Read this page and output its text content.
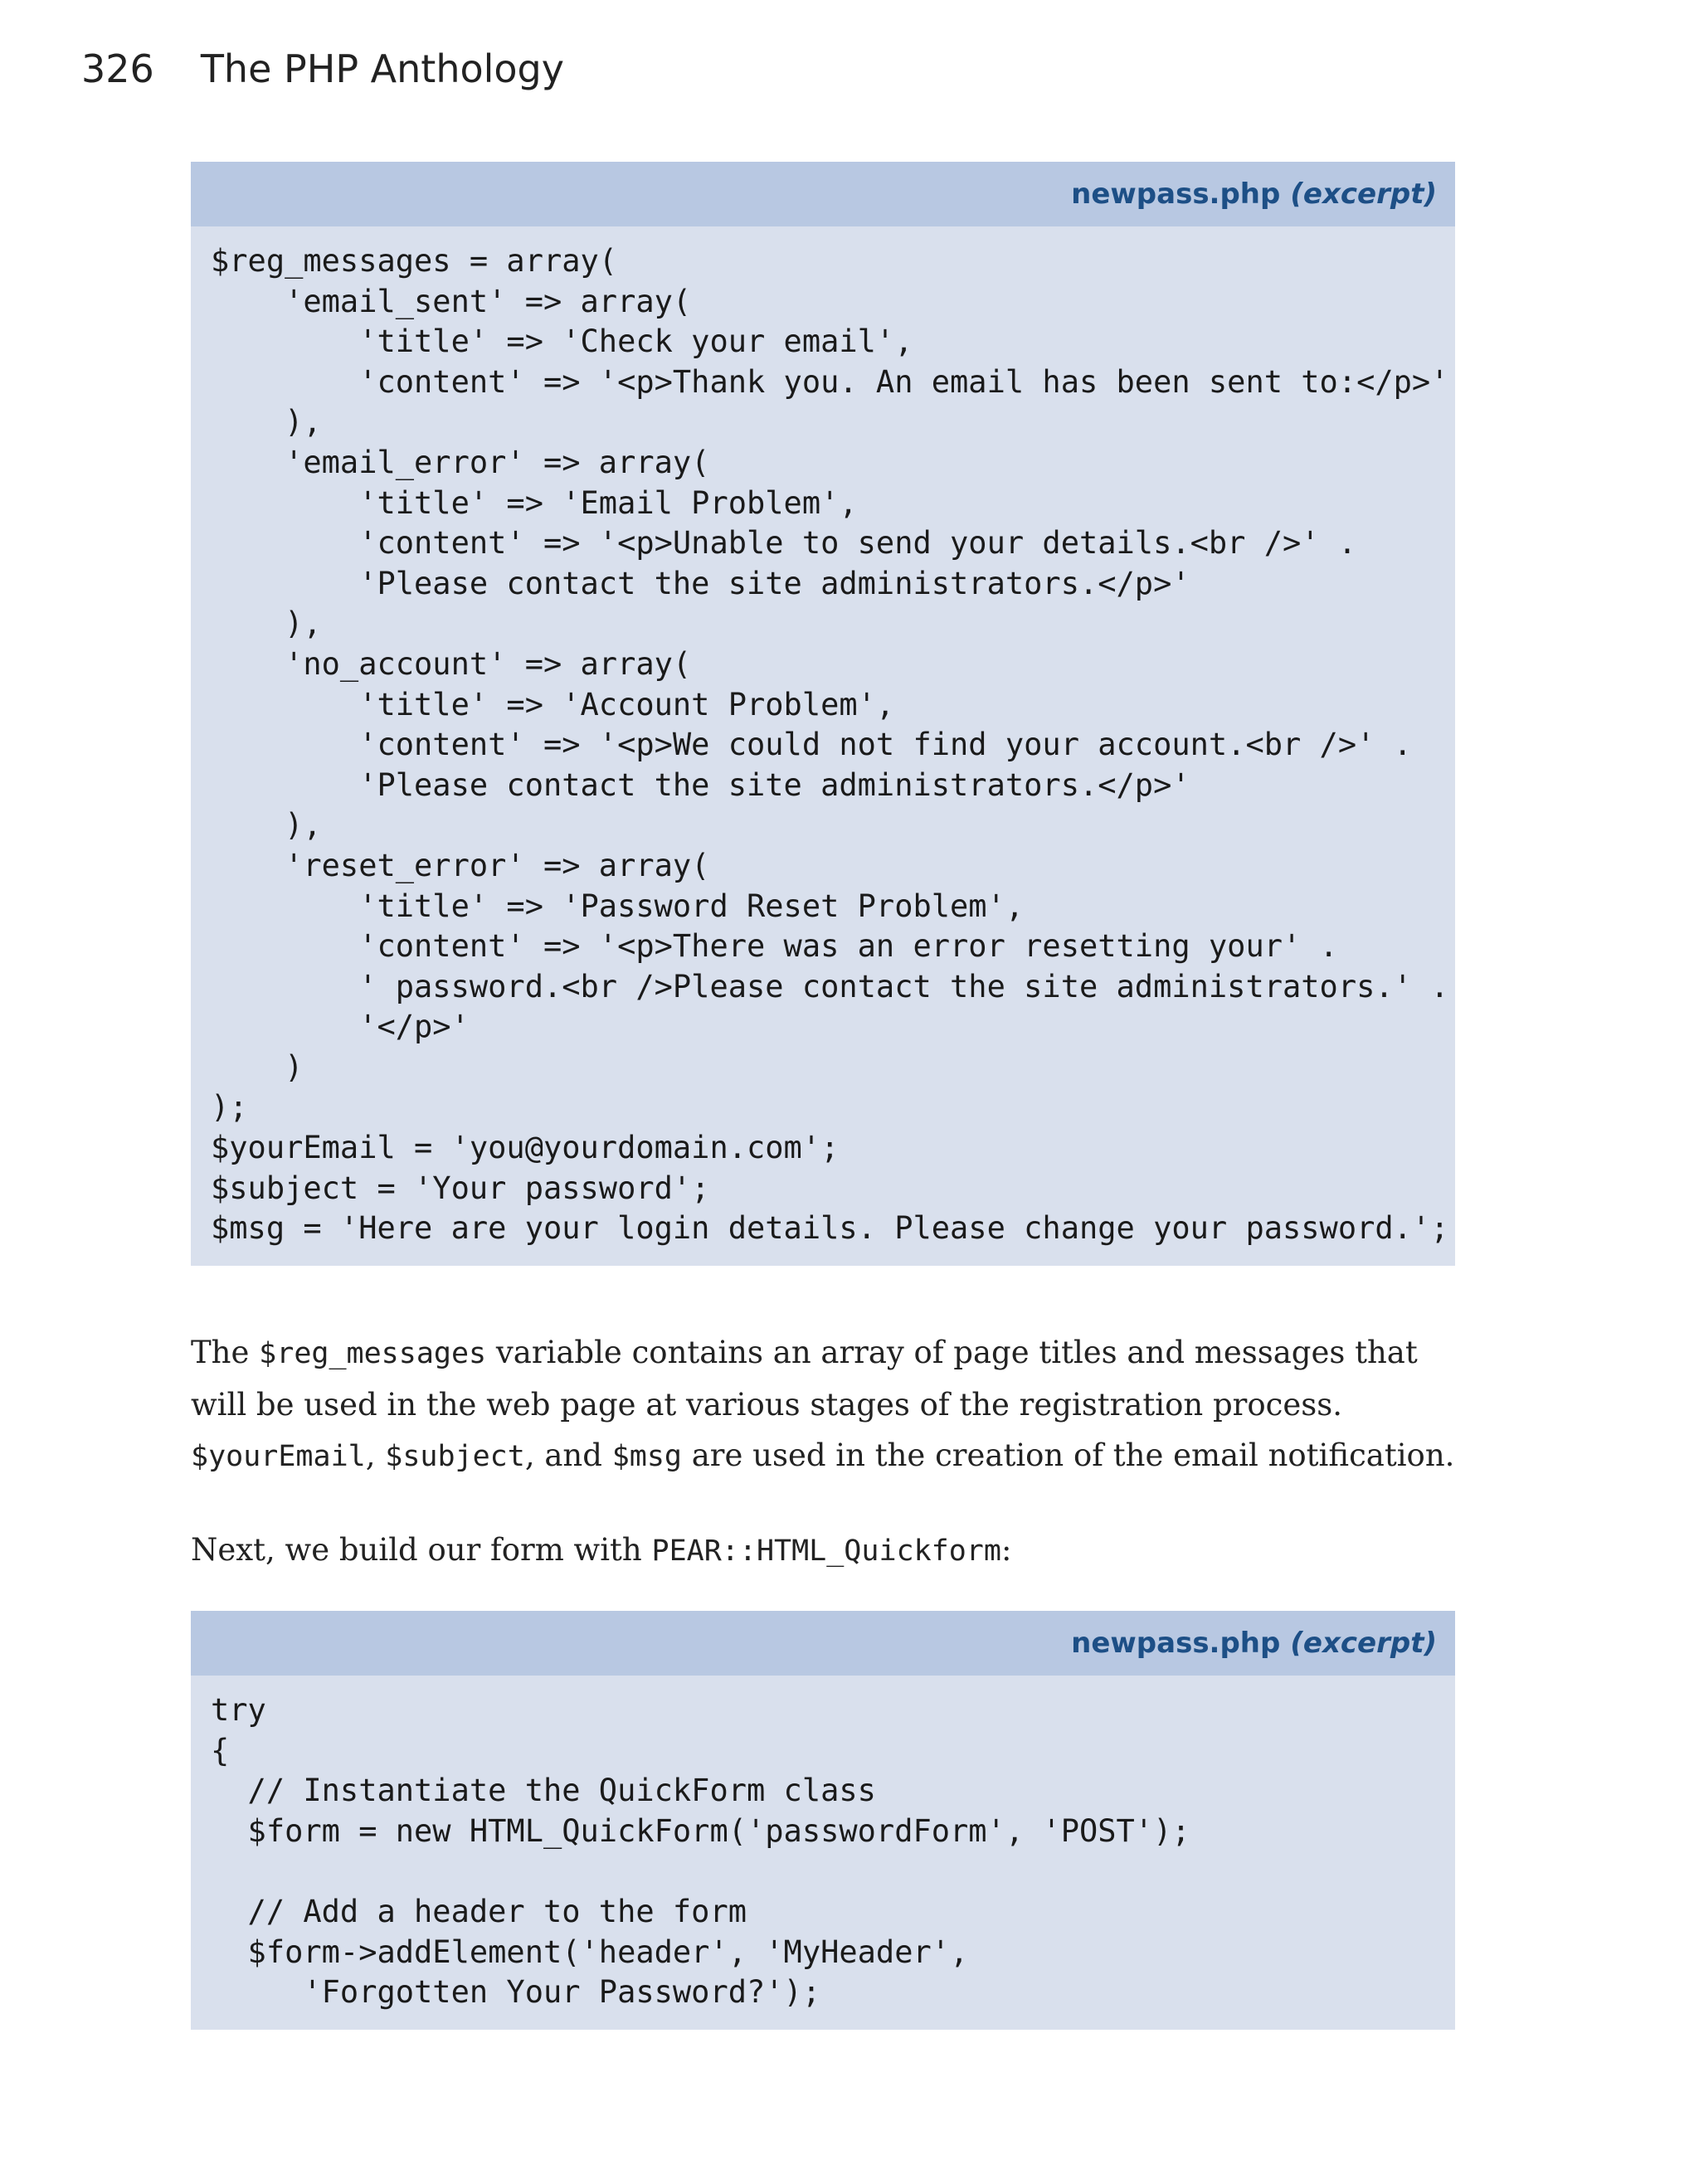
326 The PHP Anthology
newpass.php (excerpt)
$reg_messages = array(
'email_sent' => array(
'title' => 'Check your email',
'content' => '<p>Thank you. An email has been sent to:</p>'
),
'email_error' => array(
'title' => 'Email Problem',
'content' => '<p>Unable to send your details.<br />' .
'Please contact the site administrators.</p>'
),
'no_account' => array(
'title' => 'Account Problem',
'content' => '<p>We could not find your account.<br />' .
'Please contact the site administrators.</p>'
),
'reset_error' => array(
'title' => 'Password Reset Problem',
'content' => '<p>There was an error resetting your' .
' password.<br />Please contact the site administrators.' .
'</p>'
)
);
$yourEmail = 'you@yourdomain.com';
$subject = 'Your password';
$msg = 'Here are your login details. Please change your password.';

The $reg_messages variable contains an array of page titles and messages that will be used in the web page at various stages of the registration process. $yourEmail, $subject, and $msg are used in the creation of the email notification.

Next, we build our form with PEAR::HTML_Quickform:

newpass.php (excerpt)
try
{
// Instantiate the QuickForm class
$form = new HTML_QuickForm('passwordForm', 'POST');

// Add a header to the form
$form->addElement('header', 'MyHeader',
'Forgotten Your Password?');
